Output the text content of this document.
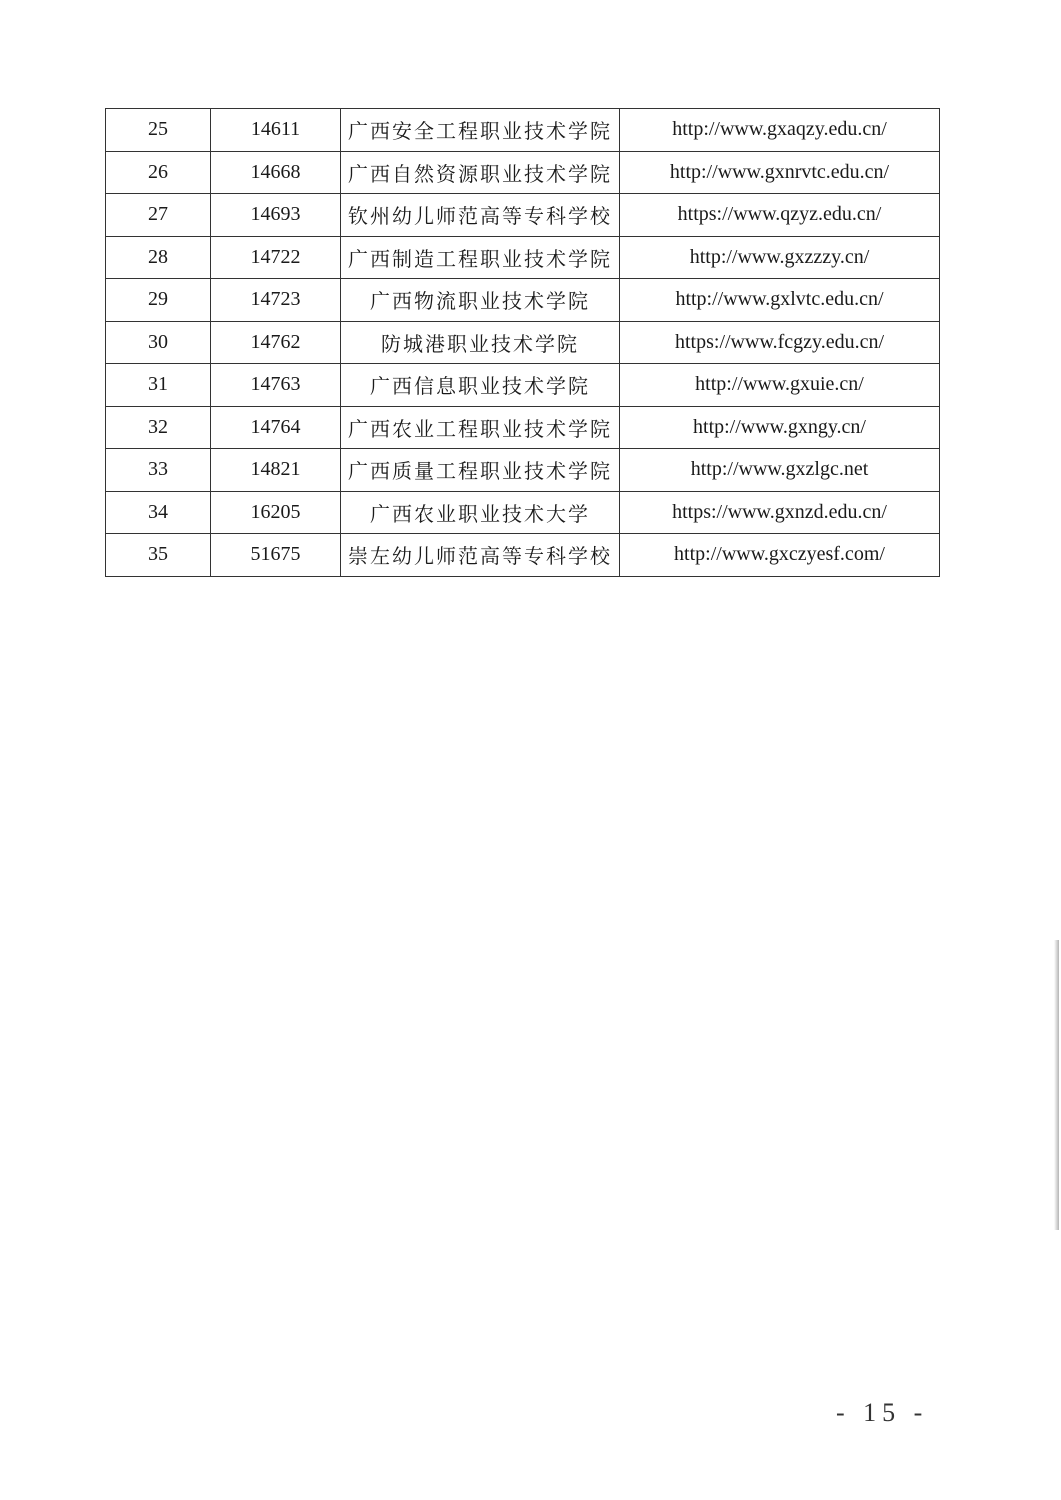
25	14611	广西安全工程职业技术学院	http://www.gxaqzy.edu.cn/
26	14668	广西自然资源职业技术学院	http://www.gxnrvtc.edu.cn/
27	14693	钦州幼儿师范高等专科学校	https://www.qzyz.edu.cn/
28	14722	广西制造工程职业技术学院	http://www.gxzzzy.cn/
29	14723	广西物流职业技术学院	http://www.gxlvtc.edu.cn/
30	14762	防城港职业技术学院	https://www.fcgzy.edu.cn/
31	14763	广西信息职业技术学院	http://www.gxuie.cn/
32	14764	广西农业工程职业技术学院	http://www.gxngy.cn/
33	14821	广西质量工程职业技术学院	http://www.gxzlgc.net
34	16205	广西农业职业技术大学	https://www.gxnzd.edu.cn/
35	51675	崇左幼儿师范高等专科学校	http://www.gxczyesf.com/
- 15 -
